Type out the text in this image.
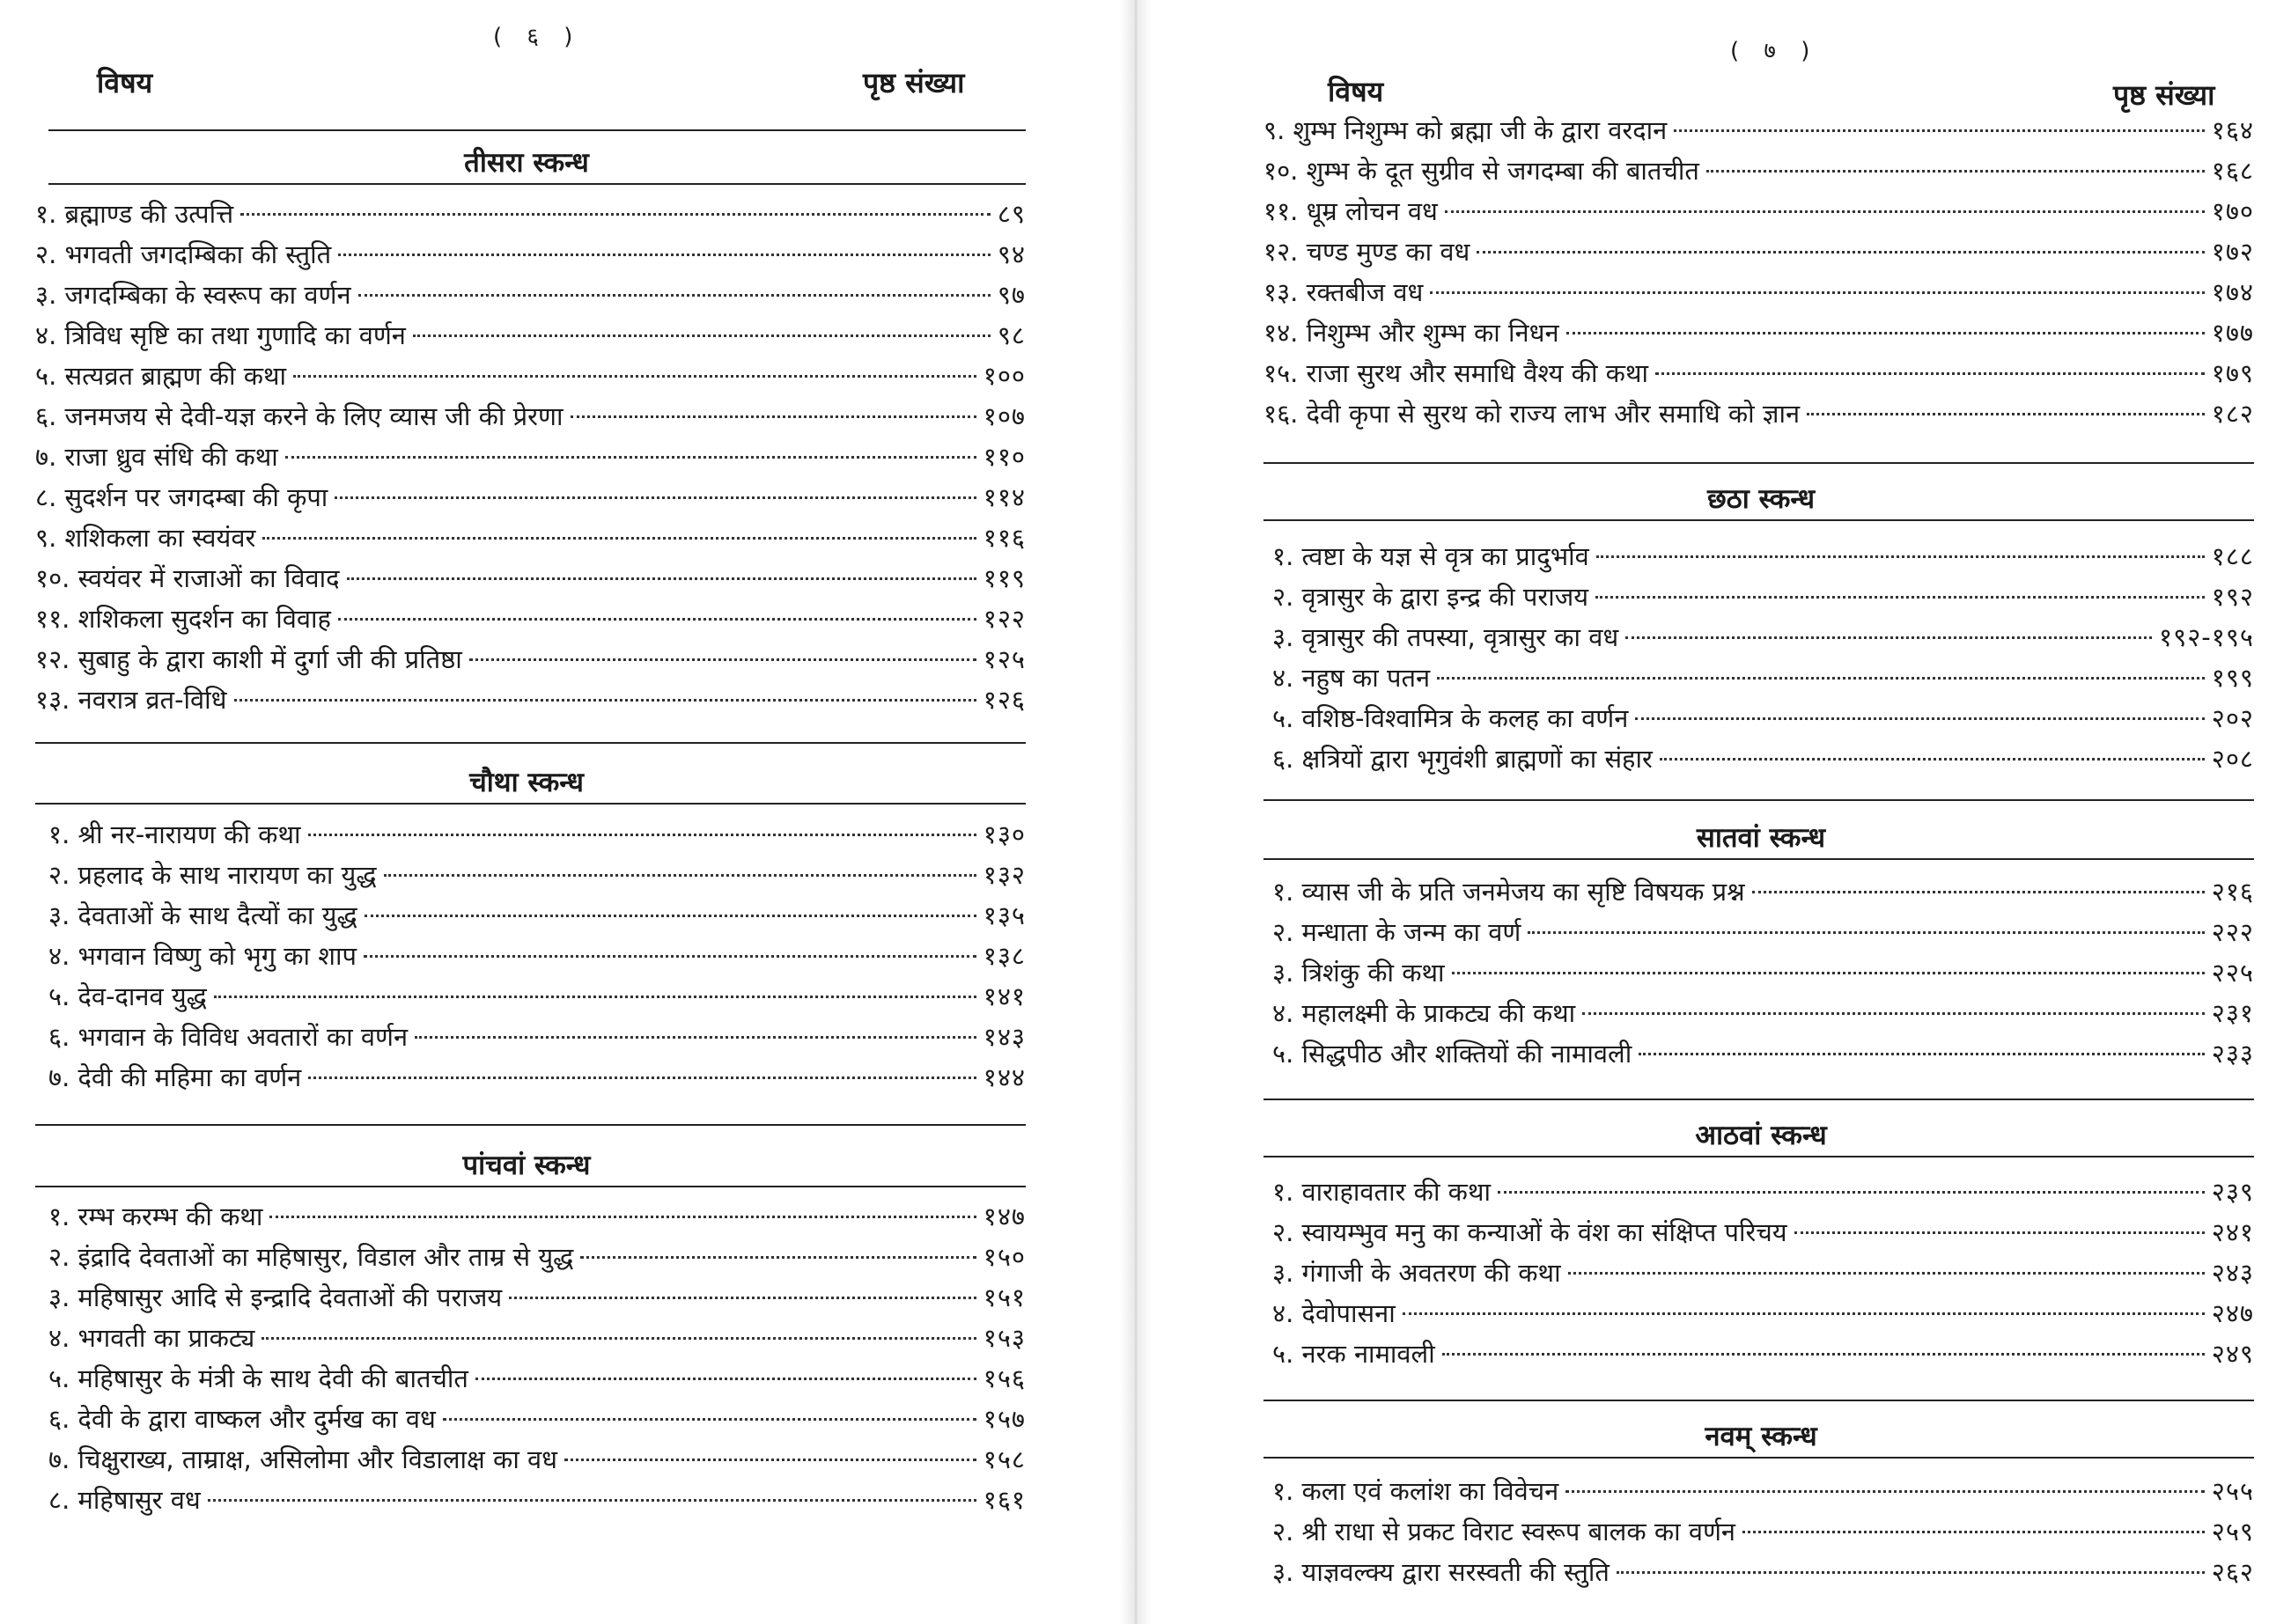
( ६ )
विषय	पृष्ठ संख्या
तीसरा स्कन्ध
१. ब्रह्माण्ड की उत्पत्ति	८९
२. भगवती जगदम्बिका की स्तुति	९४
३. जगदम्बिका के स्वरूप का वर्णन	९७
४. त्रिविध सृष्टि का तथा गुणादि का वर्णन	९८
५. सत्यव्रत ब्राह्मण की कथा	१००
६. जनमजय से देवी-यज्ञ करने के लिए व्यास जी की प्रेरणा	१०७
७. राजा ध्रुव संधि की कथा	११०
८. सुदर्शन पर जगदम्बा की कृपा	११४
९. शशिकला का स्वयंवर	११६
१०. स्वयंवर में राजाओं का विवाद	११९
११. शशिकला सुदर्शन का विवाह	१२२
१२. सुबाहु के द्वारा काशी में दुर्गा जी की प्रतिष्ठा	१२५
१३. नवरात्र व्रत-विधि	१२६
चौथा स्कन्ध
१. श्री नर-नारायण की कथा	१३०
२. प्रहलाद के साथ नारायण का युद्ध	१३२
३. देवताओं के साथ दैत्यों का युद्ध	१३५
४. भगवान विष्णु को भृगु का शाप	१३८
५. देव-दानव युद्ध	१४१
६. भगवान के विविध अवतारों का वर्णन	१४३
७. देवी की महिमा का वर्णन	१४४
पांचवां स्कन्ध
१. रम्भ करम्भ की कथा	१४७
२. इंद्रादि देवताओं का महिषासुर, विडाल और ताम्र से युद्ध	१५०
३. महिषासुर आदि से इन्द्रादि देवताओं की पराजय	१५१
४. भगवती का प्राकट्य	१५३
५. महिषासुर के मंत्री के साथ देवी की बातचीत	१५६
६. देवी के द्वारा वाष्कल और दुर्मख का वध	१५७
७. चिक्षुराख्य, ताम्राक्ष, असिलोमा और विडालाक्ष का वध	१५८
८. महिषासुर वध	१६१
( ७ )
विषय	पृष्ठ संख्या
९. शुम्भ निशुम्भ को ब्रह्मा जी के द्वारा वरदान	१६४
१०. शुम्भ के दूत सुग्रीव से जगदम्बा की बातचीत	१६८
११. धूम्र लोचन वध	१७०
१२. चण्ड मुण्ड का वध	१७२
१३. रक्तबीज वध	१७४
१४. निशुम्भ और शुम्भ का निधन	१७७
१५. राजा सुरथ और समाधि वैश्य की कथा	१७९
१६. देवी कृपा से सुरथ को राज्य लाभ और समाधि को ज्ञान	१८२
छठा स्कन्ध
१. त्वष्टा के यज्ञ से वृत्र का प्रादुर्भाव	१८८
२. वृत्रासुर के द्वारा इन्द्र की पराजय	१९२
३. वृत्रासुर की तपस्या, वृत्रासुर का वध	१९२-१९५
४. नहुष का पतन	१९९
५. वशिष्ठ-विश्वामित्र के कलह का वर्णन	२०२
६. क्षत्रियों द्वारा भृगुवंशी ब्राह्मणों का संहार	२०८
सातवां स्कन्ध
१. व्यास जी के प्रति जनमेजय का सृष्टि विषयक प्रश्न	२१६
२. मन्धाता के जन्म का वर्ण	२२२
३. त्रिशंकु की कथा	२२५
४. महालक्ष्मी के प्राकट्य की कथा	२३१
५. सिद्धपीठ और शक्तियों की नामावली	२३३
आठवां स्कन्ध
१. वाराहावतार की कथा	२३९
२. स्वायम्भुव मनु का कन्याओं के वंश का संक्षिप्त परिचय	२४१
३. गंगाजी के अवतरण की कथा	२४३
४. देवोपासना	२४७
५. नरक नामावली	२४९
नवम् स्कन्ध
१. कला एवं कलांश का विवेचन	२५५
२. श्री राधा से प्रकट विराट स्वरूप बालक का वर्णन	२५९
३. याज्ञवल्क्य द्वारा सरस्वती की स्तुति	२६२
